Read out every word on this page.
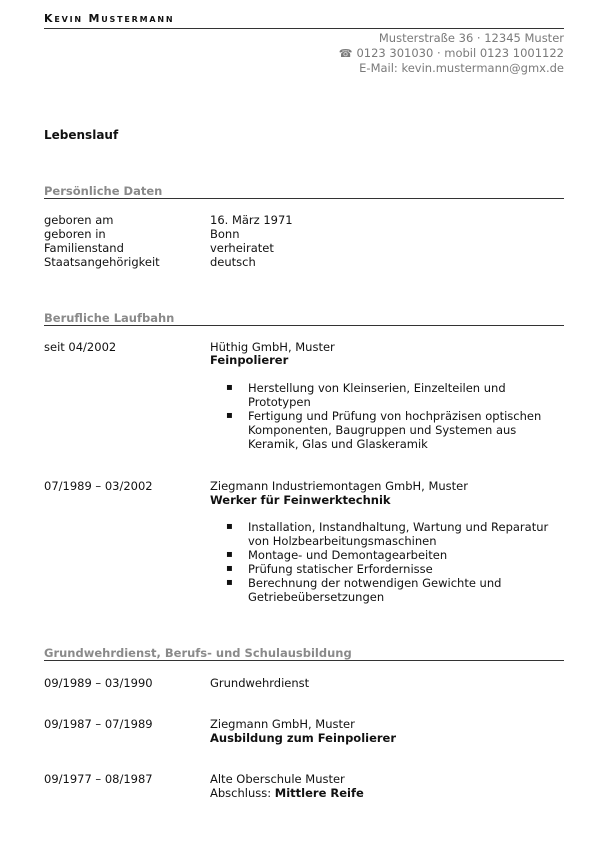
Kevin Mustermann
Musterstraße 36 · 12345 Muster
☎ 0123 301030 · mobil 0123 1001122
E-Mail: kevin.mustermann@gmx.de
Lebenslauf
Persönliche Daten
geboren am	16. März 1971
geboren in	Bonn
Familienstand	verheiratet
Staatsangehörigkeit	deutsch
Berufliche Laufbahn
seit 04/2002	Hüthig GmbH, Muster
Feinpolierer
▪ Herstellung von Kleinserien, Einzelteilen und Prototypen
▪ Fertigung und Prüfung von hochpräzisen optischen Komponenten, Baugruppen und Systemen aus Keramik, Glas und Glaskeramik
07/1989 – 03/2002	Ziegmann Industriemontagen GmbH, Muster
Werker für Feinwerktechnik
▪ Installation, Instandhaltung, Wartung und Reparatur von Holzbearbeitungsmaschinen
▪ Montage- und Demontagearbeiten
▪ Prüfung statischer Erfordernisse
▪ Berechnung der notwendigen Gewichte und Getriebeübersetzungen
Grundwehrdienst, Berufs- und Schulausbildung
09/1989 – 03/1990	Grundwehrdienst
09/1987 – 07/1989	Ziegmann GmbH, Muster
Ausbildung zum Feinpolierer
09/1977 – 08/1987	Alte Oberschule Muster
Abschluss: Mittlere Reife
